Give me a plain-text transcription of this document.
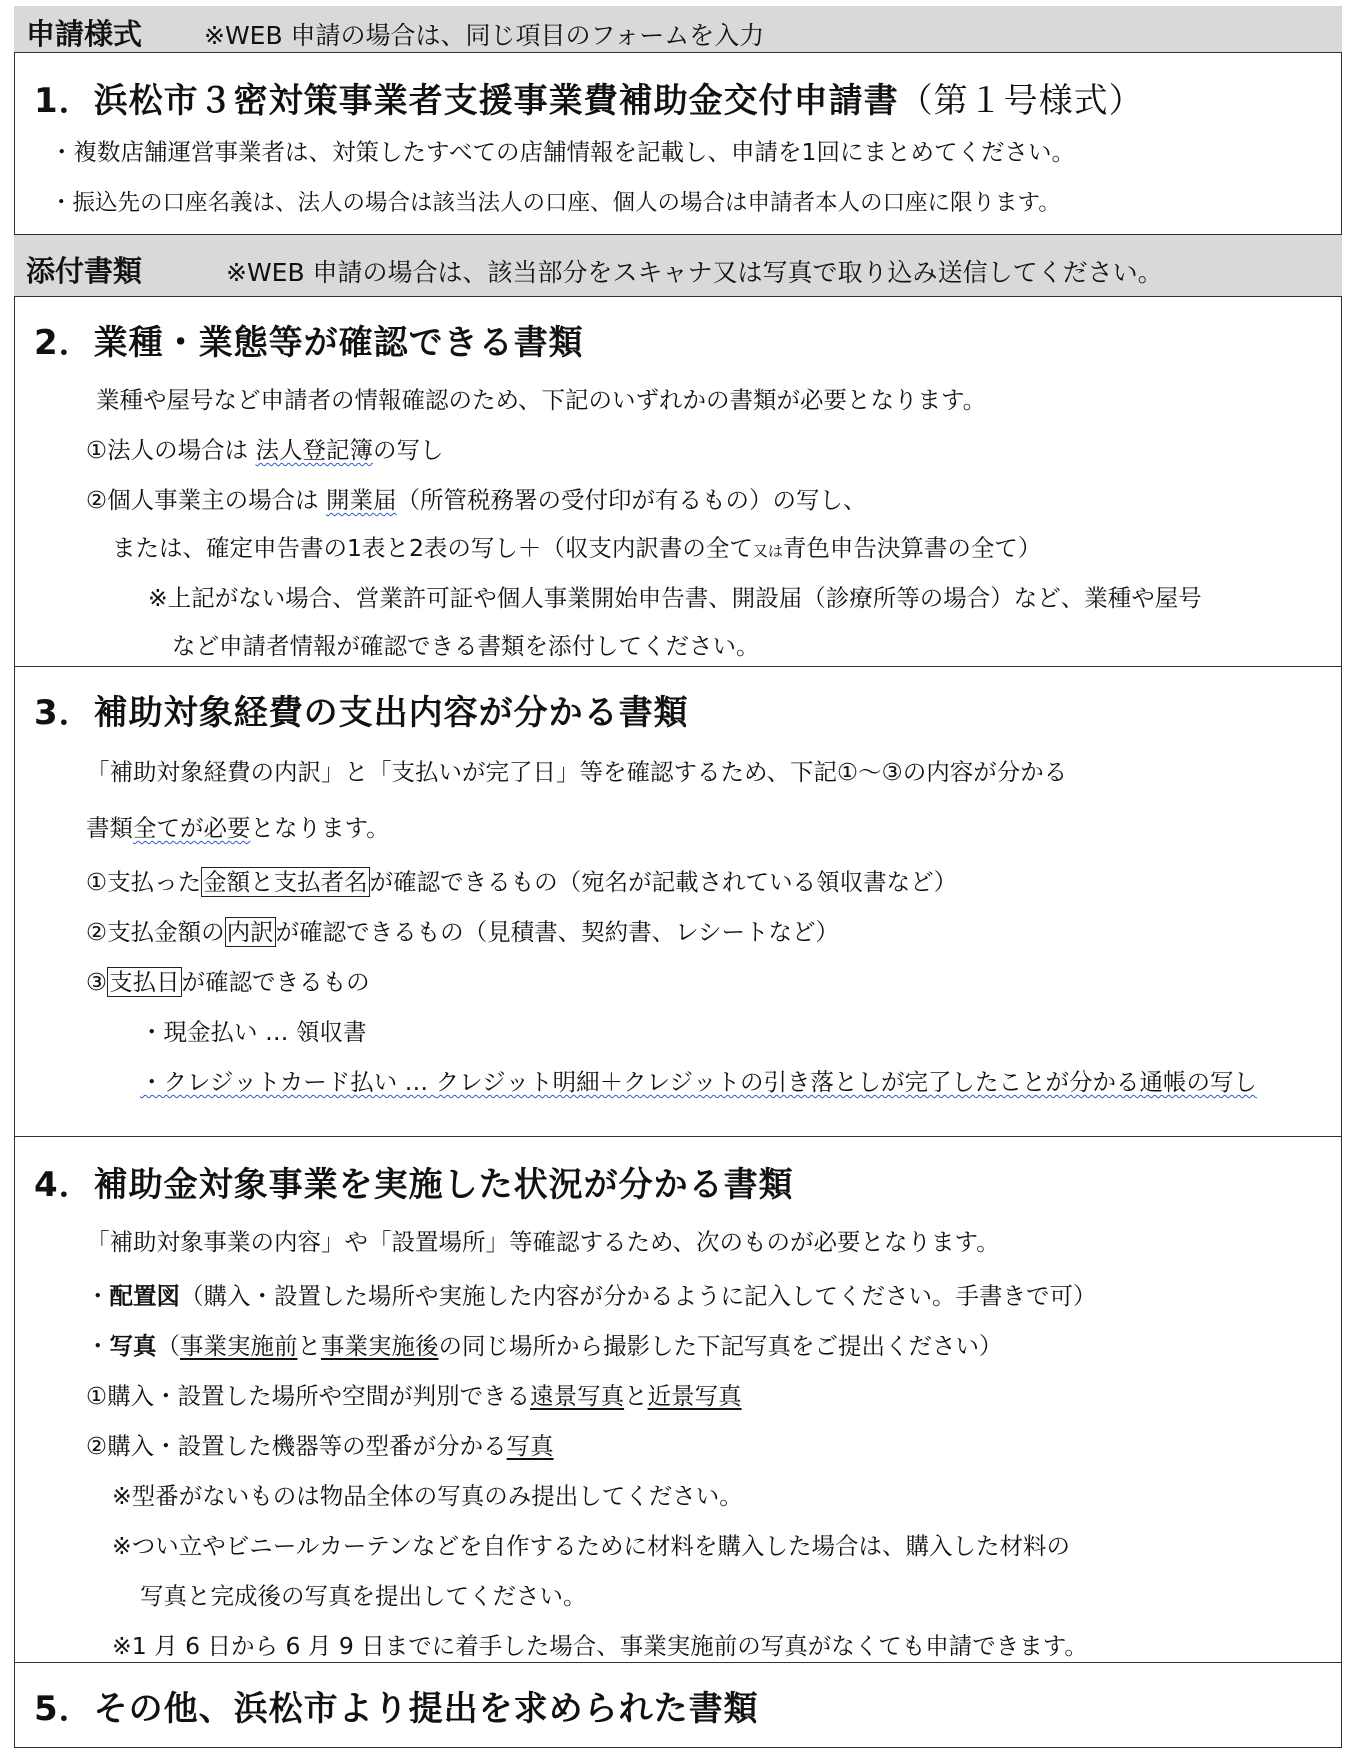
申請様式 ※WEB 申請の場合は、同じ項目のフォームを入力
1．浜松市３密対策事業者支援事業費補助金交付申請書（第１号様式）
・複数店舗運営事業者は、対策したすべての店舗情報を記載し、申請を1回にまとめてください。
・振込先の口座名義は、法人の場合は該当法人の口座、個人の場合は申請者本人の口座に限ります。
添付書類	※WEB 申請の場合は、該当部分をスキャナ又は写真で取り込み送信してください。
2．業種・業態等が確認できる書類
業種や屋号など申請者の情報確認のため、下記のいずれかの書類が必要となります。
①法人の場合は 法人登記簿の写し
②個人事業主の場合は 開業届（所管税務署の受付印が有るもの）の写し、
または、確定申告書の1表と2表の写し＋（収支内訳書の全て又は青色申告決算書の全て）
※上記がない場合、営業許可証や個人事業開始申告書、開設届（診療所等の場合）など、業種や屋号
など申請者情報が確認できる書類を添付してください。
3．補助対象経費の支出内容が分かる書類
「補助対象経費の内訳」と「支払いが完了日」等を確認するため、下記①～③の内容が分かる
書類全てが必要となります。
①支払った金額と支払者名が確認できるもの（宛名が記載されている領収書など）
②支払金額の内訳が確認できるもの（見積書、契約書、レシートなど）
③支払日が確認できるもの
・現金払い … 領収書
・クレジットカード払い … クレジット明細＋クレジットの引き落としが完了したことが分かる通帳の写し
4．補助金対象事業を実施した状況が分かる書類
「補助対象事業の内容」や「設置場所」等確認するため、次のものが必要となります。
・配置図（購入・設置した場所や実施した内容が分かるように記入してください。手書きで可）
・写真（事業実施前と事業実施後の同じ場所から撮影した下記写真をご提出ください）
①購入・設置した場所や空間が判別できる遠景写真と近景写真
②購入・設置した機器等の型番が分かる写真
※型番がないものは物品全体の写真のみ提出してください。
※つい立やビニールカーテンなどを自作するために材料を購入した場合は、購入した材料の
写真と完成後の写真を提出してください。
※1 月 6 日から 6 月 9 日までに着手した場合、事業実施前の写真がなくても申請できます。
5．その他、浜松市より提出を求められた書類
